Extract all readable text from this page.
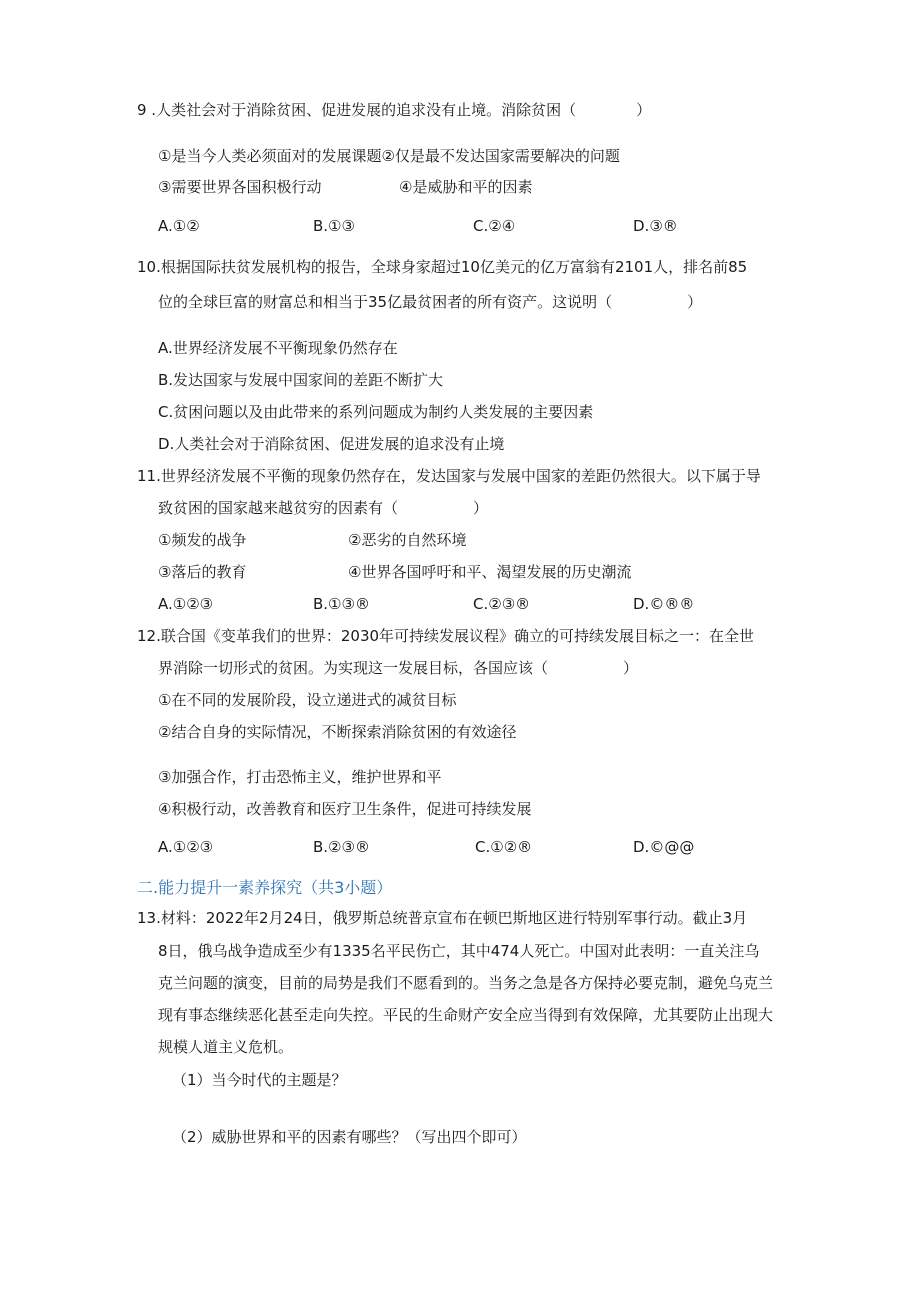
9 .人类社会对于消除贫困、促进发展的追求没有止境。消除贫困（　　　　）
①是当今人类必须面对的发展课题②仅是最不发达国家需要解决的问题
③需要世界各国积极行动	④是威胁和平的因素
A.①②	B.①③	C.②④	D.③®
10.根据国际扶贫发展机构的报告，全球身家超过10亿美元的亿万富翁有2101人，排名前85
位的全球巨富的财富总和相当于35亿最贫困者的所有资产。这说明（　　　　　）
A.世界经济发展不平衡现象仍然存在
B.发达国家与发展中国家间的差距不断扩大
C.贫困问题以及由此带来的系列问题成为制约人类发展的主要因素
D.人类社会对于消除贫困、促进发展的追求没有止境
11.世界经济发展不平衡的现象仍然存在，发达国家与发展中国家的差距仍然很大。以下属于导
致贫困的国家越来越贫穷的因素有（　　　　　）
①频发的战争	②恶劣的自然环境
③落后的教育	④世界各国呼吁和平、渴望发展的历史潮流
A.①②③	B.①③®	C.②③®	D.©®®
12.联合国《变革我们的世界：2030年可持续发展议程》确立的可持续发展目标之一：在全世
界消除一切形式的贫困。为实现这一发展目标，各国应该（　　　　　）
①在不同的发展阶段，设立递进式的减贫目标
②结合自身的实际情况，不断探索消除贫困的有效途径
③加强合作，打击恐怖主义，维护世界和平
④积极行动，改善教育和医疗卫生条件，促进可持续发展
A.①②③	B.②③®	C.①②®	D.©@@
二.能力提升一素养探究（共3小题）
13.材料：2022年2月24日，俄罗斯总统普京宣布在顿巴斯地区进行特别军事行动。截止3月
8日，俄乌战争造成至少有1335名平民伤亡，其中474人死亡。中国对此表明：一直关注乌
克兰问题的演变，目前的局势是我们不愿看到的。当务之急是各方保持必要克制，避免乌克兰
现有事态继续恶化甚至走向失控。平民的生命财产安全应当得到有效保障，尤其要防止出现大
规模人道主义危机。
（1）当今时代的主题是？
（2）威胁世界和平的因素有哪些？（写出四个即可）
